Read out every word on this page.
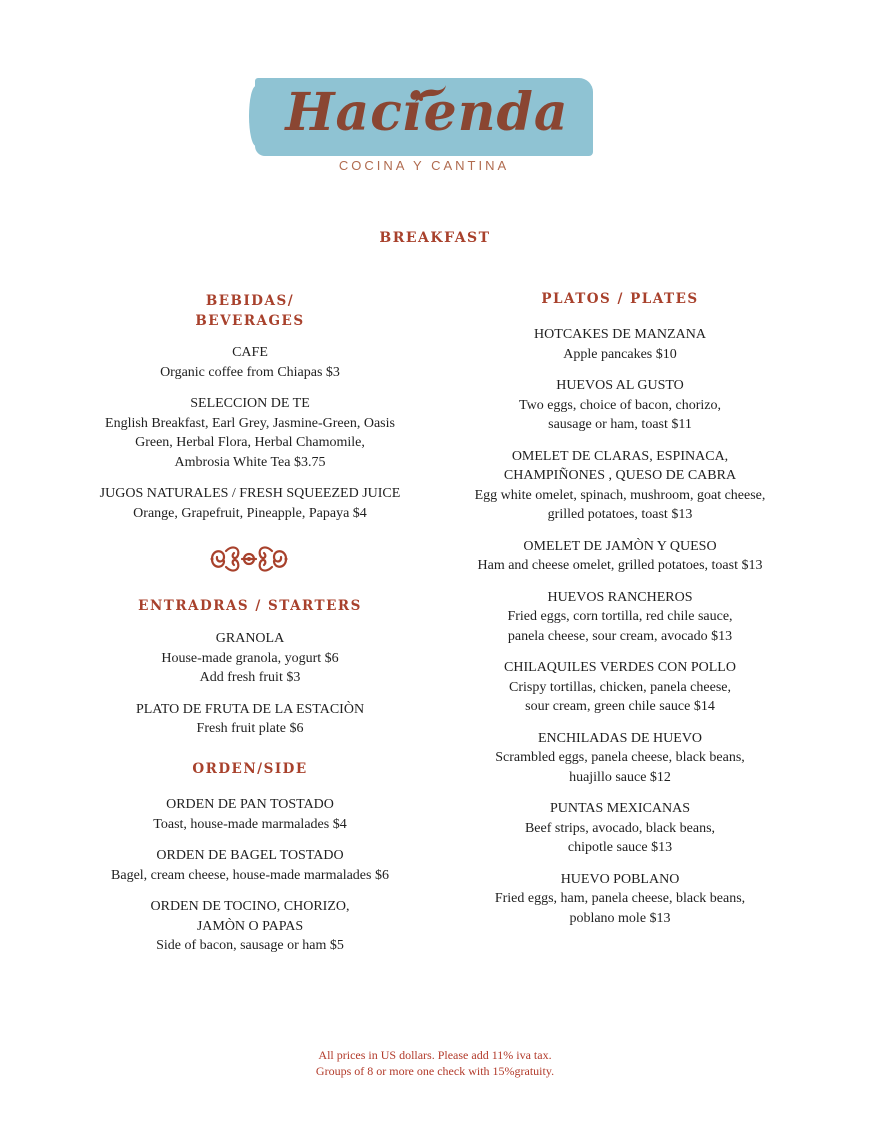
Hacienda
COCINA Y CANTINA
BREAKFAST
BEBIDAS/
BEVERAGES
CAFE
Organic coffee from Chiapas $3
SELECCION DE TE
English Breakfast, Earl Grey, Jasmine-Green, Oasis
Green, Herbal Flora, Herbal Chamomile,
Ambrosia White Tea $3.75
JUGOS NATURALES / FRESH SQUEEZED JUICE
Orange, Grapefruit, Pineapple, Papaya $4
ENTRADRAS / STARTERS
GRANOLA
House-made granola, yogurt $6
Add fresh fruit $3
PLATO DE FRUTA DE LA ESTACIÒN
Fresh fruit plate $6
ORDEN/SIDE
ORDEN DE PAN TOSTADO
Toast, house-made marmalades $4
ORDEN DE BAGEL TOSTADO
Bagel, cream cheese, house-made marmalades $6
ORDEN DE TOCINO, CHORIZO,
JAMÒN O PAPAS
Side of bacon, sausage or ham $5
PLATOS / PLATES
HOTCAKES DE MANZANA
Apple pancakes $10
HUEVOS AL GUSTO
Two eggs, choice of bacon, chorizo,
sausage or ham, toast $11
OMELET DE CLARAS, ESPINACA,
CHAMPIÑONES , QUESO DE CABRA
Egg white omelet, spinach, mushroom, goat cheese,
grilled potatoes, toast $13
OMELET DE JAMÒN Y QUESO
Ham and cheese omelet, grilled potatoes, toast $13
HUEVOS RANCHEROS
Fried eggs, corn tortilla, red chile sauce,
panela cheese, sour cream, avocado $13
CHILAQUILES VERDES CON POLLO
Crispy tortillas, chicken, panela cheese,
sour cream, green chile sauce $14
ENCHILADAS DE HUEVO
Scrambled eggs, panela cheese, black beans,
huajillo sauce $12
PUNTAS MEXICANAS
Beef strips, avocado, black beans,
chipotle sauce $13
HUEVO POBLANO
Fried eggs, ham, panela cheese, black beans,
poblano mole $13
All prices in US dollars. Please add 11% iva tax.
Groups of 8 or more one check with 15%gratuity.
